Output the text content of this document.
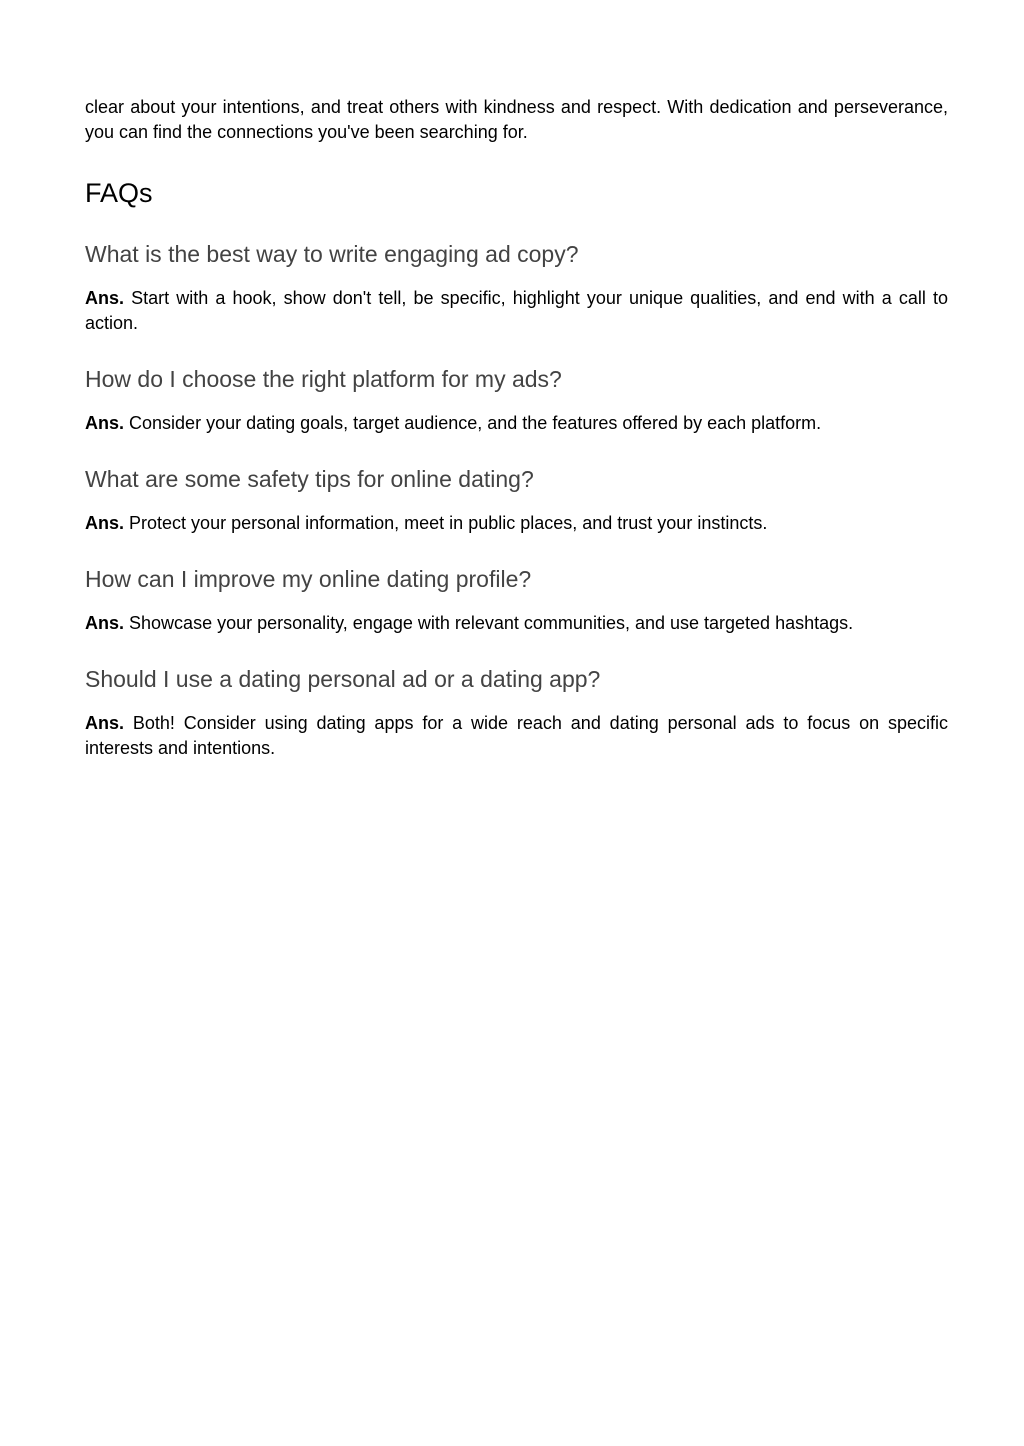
clear about your intentions, and treat others with kindness and respect. With dedication and perseverance, you can find the connections you've been searching for.

FAQs
What is the best way to write engaging ad copy?

Ans. Start with a hook, show don't tell, be specific, highlight your unique qualities, and end with a call to action.

How do I choose the right platform for my ads?

Ans. Consider your dating goals, target audience, and the features offered by each platform.

What are some safety tips for online dating?

Ans. Protect your personal information, meet in public places, and trust your instincts.

How can I improve my online dating profile?

Ans. Showcase your personality, engage with relevant communities, and use targeted hashtags.

Should I use a dating personal ad or a dating app?

Ans. Both! Consider using dating apps for a wide reach and dating personal ads to focus on specific interests and intentions.
